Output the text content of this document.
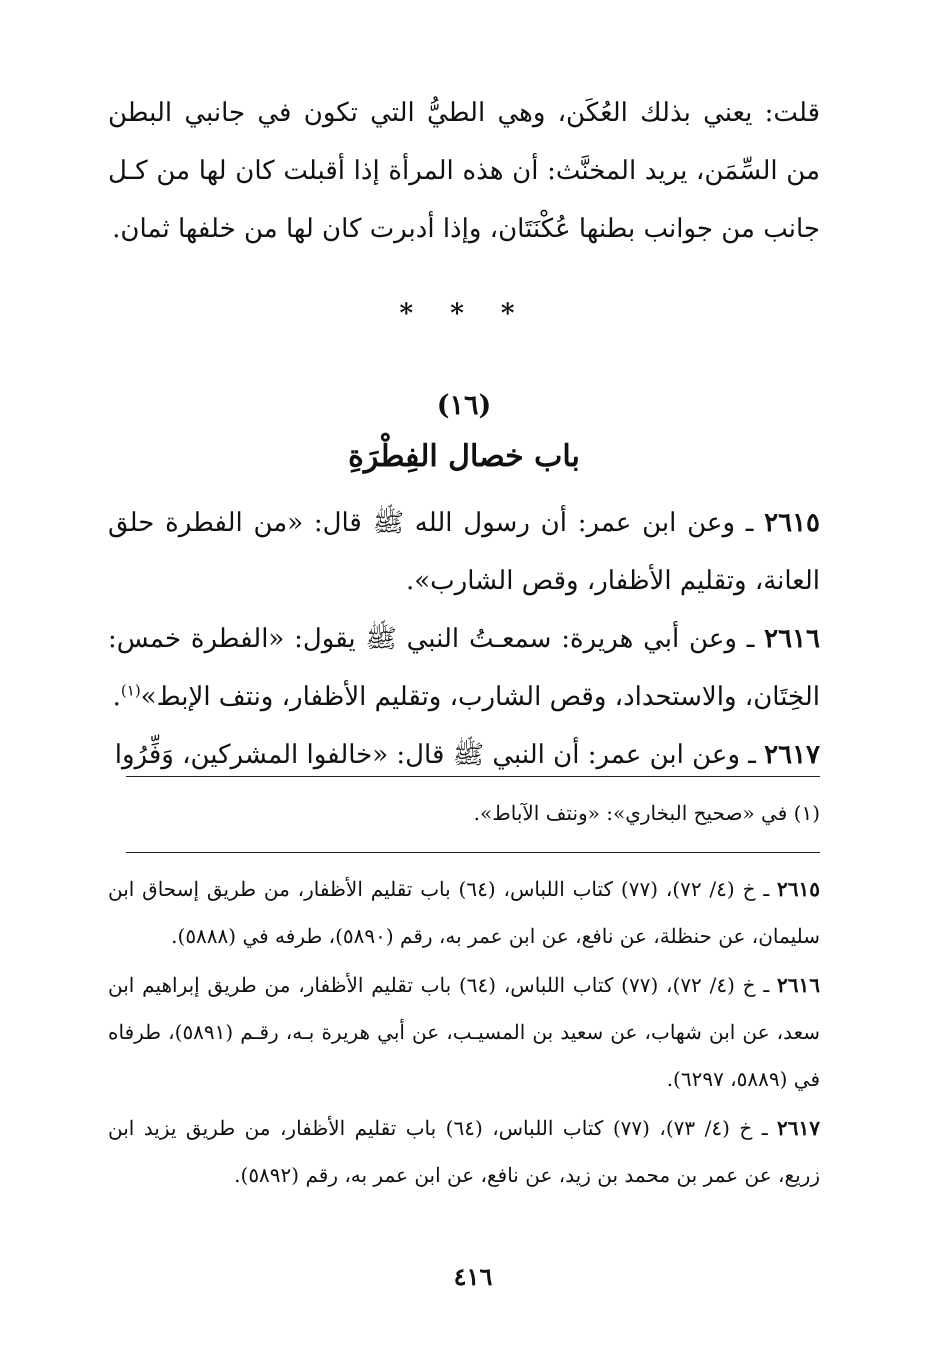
قلت: يعني بذلك العُكَن، وهي الطيُّ التي تكون في جانبي البطن من السِّمَن، يريد المخنَّث: أن هذه المرأة إذا أقبلت كان لها من كـل جانب من جوانب بطنها عُكْنَتَان، وإذا أدبرت كان لها من خلفها ثمان.

* * *
(١٦)
باب خصال الفِطْرَةِ

٢٦١٥ ـ وعن ابن عمر: أن رسول الله ﷺ قال: «من الفطرة حلق العانة، وتقليم الأظفار، وقص الشارب».

٢٦١٦ ـ وعن أبي هريرة: سمعـتُ النبي ﷺ يقول: «الفطرة خمس: الخِتَان، والاستحداد، وقص الشارب، وتقليم الأظفار، ونتف الإبط»$^{(١)}$.

٢٦١٧ ـ وعن ابن عمر: أن النبي ﷺ قال: «خالفوا المشركين، وَفِّرُوا

(١) في «صحيح البخاري»: «ونتف الآباط».

٢٦١٥ ـ خ (٤/ ٧٢)، (٧٧) كتاب اللباس، (٦٤) باب تقليم الأظفار، من طريق إسحاق ابن سليمان، عن حنظلة، عن نافع، عن ابن عمر به، رقم (٥٨٩٠)، طرفه في (٥٨٨٨).

٢٦١٦ ـ خ (٤/ ٧٢)، (٧٧) كتاب اللباس، (٦٤) باب تقليم الأظفار، من طريق إبراهيم ابن سعد، عن ابن شهاب، عن سعيد بن المسيـب، عن أبي هريرة بـه، رقـم (٥٨٩١)، طرفاه في (٥٨٨٩، ٦٢٩٧).

٢٦١٧ ـ خ (٤/ ٧٣)، (٧٧) كتاب اللباس، (٦٤) باب تقليم الأظفار، من طريق يزيد ابن زريع، عن عمر بن محمد بن زيد، عن نافع، عن ابن عمر به، رقم (٥٨٩٢).

٤١٦
